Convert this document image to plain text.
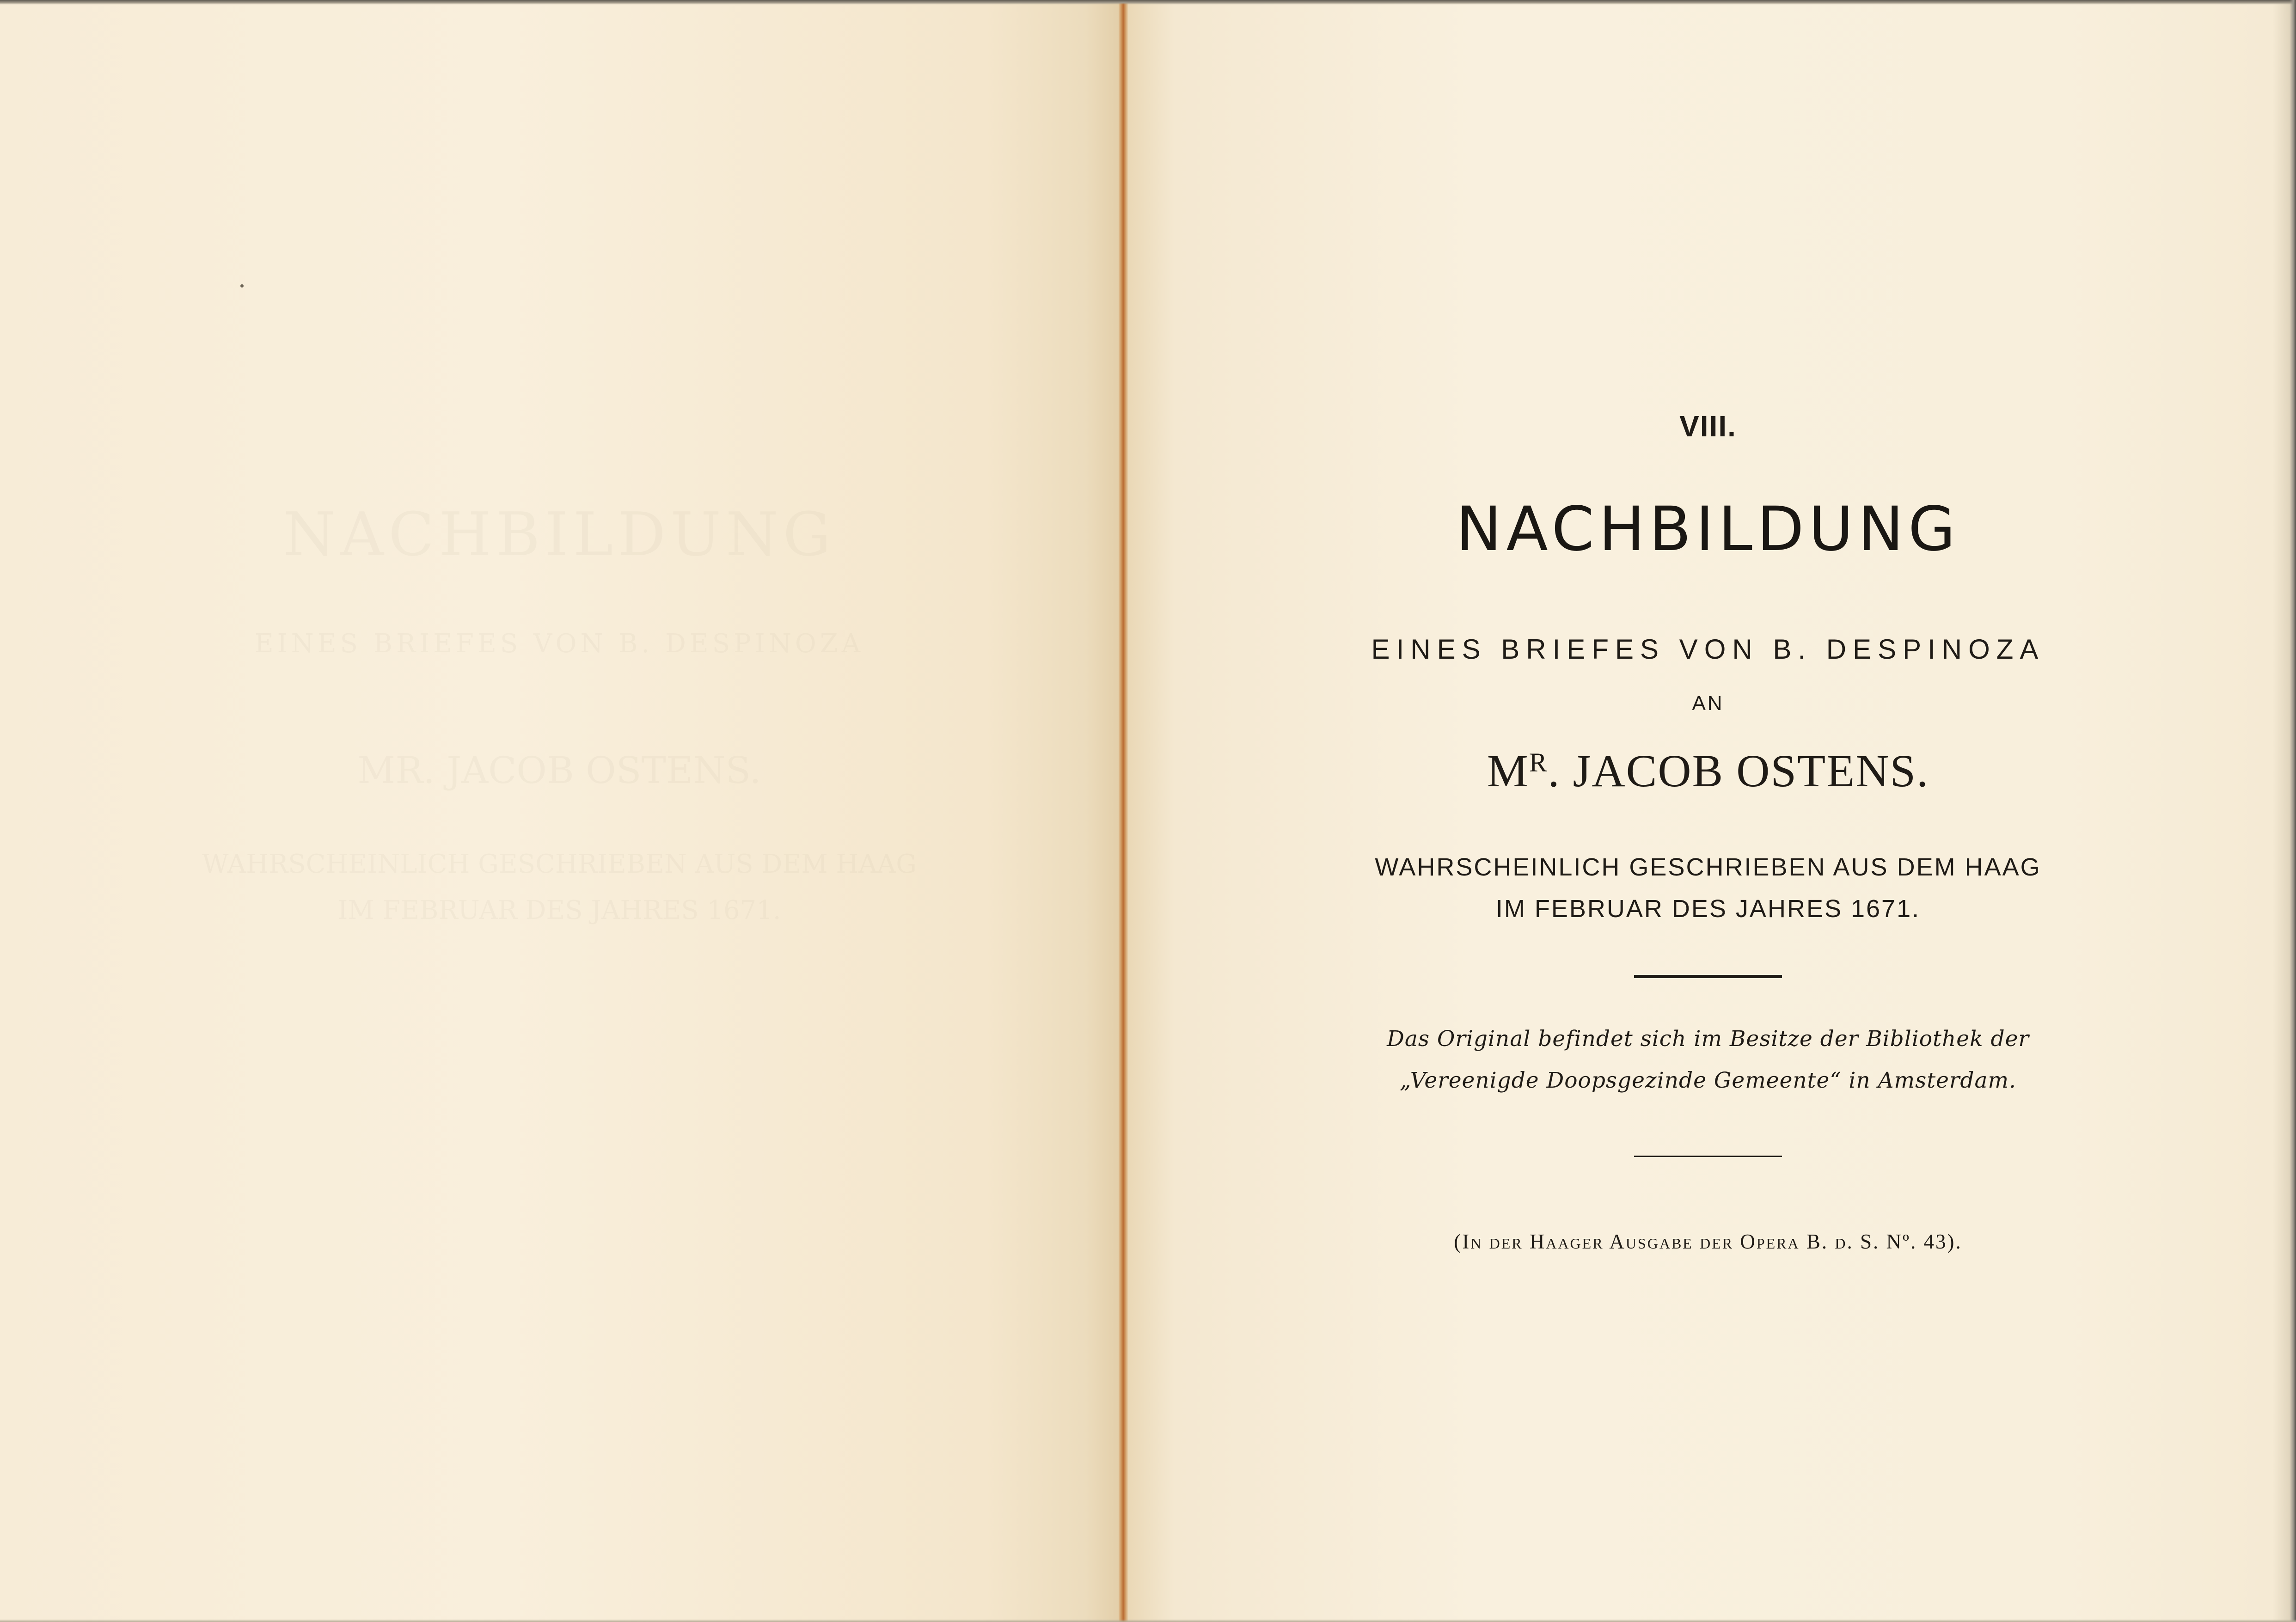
VIII.
NACHBILDUNG
EINES BRIEFES VON B. DESPINOZA
AN
$M^R$. JACOB OSTENS.
WAHRSCHEINLICH GESCHRIEBEN AUS DEM HAAG
IM FEBRUAR DES JAHRES 1671.
Das Original befindet sich im Besitze der Bibliothek der
„Vereenigde Doopsgezinde Gemeente“ in Amsterdam.
(In der Haager Ausgabe der Opera B. d. S. Nº. 43).
